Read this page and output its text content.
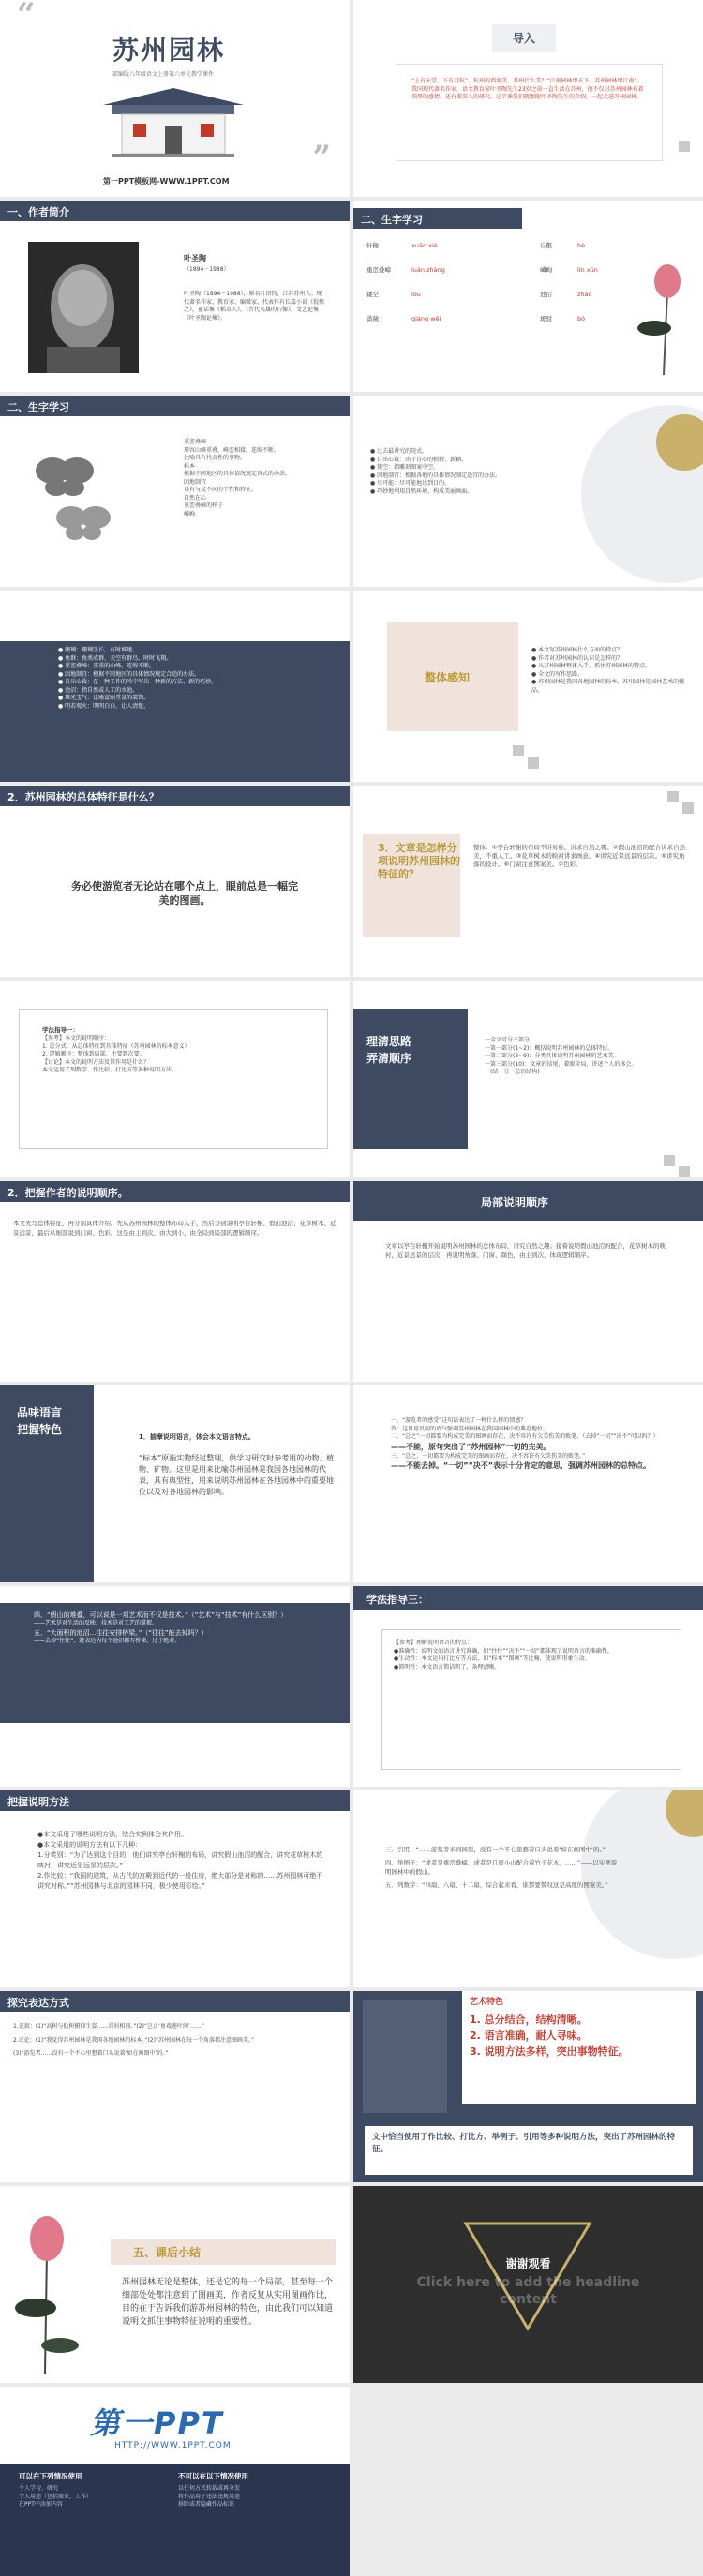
“
”
苏州园林
部编版八年级语文上册第六单元教学课件
第一PPT模板网-WWW.1PPT.COM
导入
“上有天堂，下有苏杭”，杭州的西湖美，苏州什么美？“江南园林甲天下，苏州园林甲江南”。我国现代著名作家，语文教育家叶圣陶先生23岁之前一直生活在苏州，他不仅对苏州园林有着深厚的感情，还有着深入的研究。这节课我们就跟随叶圣陶先生的介绍，一起走进苏州园林。
一、作者简介
叶圣陶
（1894－1988）
叶圣陶（1894－1988），原名叶绍钧，江苏苏州人。现代著名作家、教育家、编辑家、代表作有长篇小说《倪焕之》，童话集《稻草人》，《古代英雄的石像》，文艺论集《叶圣陶论集》。
二、生字学习
轩榭	xuān xiè	丘壑	hè
重峦叠嶂	luán zhàng	嶙峋	lín xún
镂空	lòu	池沼	zhǎo
蔷薇	qiáng wēi	斑驳	bó
二、生字学习
重峦叠嶂
形容山峰重叠，峰峦相接，连绵不断。
比喻具有代表性的事物。
标本
根据不同地区的具体情况规定各式的办法。
因地制宜
具有与众不同的个性和特征。
自然在心
重峦叠嶂的样子
嶙峋
● 过去最讲究的院式。
● 自出心裁：出于自心的独特、新颖。
● 镂空：指雕刻图案中空。
● 因地制宜：根据各地的具体情况制定适宜的办法。
● 尽可能：尽可能地达到目的。
● 巧妙地利用自然环境，构成美丽画面。
● 阑瑚：珊瑚生长，有时堆建。
● 鱼群：鱼类成群，天空有群鸟，时时飞翔。
● 重峦叠嶂：重重的山峰，连绵不断。
● 因地制宜：根据不同地区的具体情况规定合适的办法。
● 自出心裁：在一种工作的当中写出一种新的方法、新的巧妙。
● 池沼：指自然或人工的水池。
● 珠光宝气：比喻富丽堂皇的装饰。
● 明若观火：明明白白，让人清楚。
整体感知
● 本文写苏州园林什么方面的特点？
● 作者对苏州园林的认识是怎样的？
● 从苏州园林整体入手，抓住苏州园林的特点。
● 全文的写作思路。
● 苏州园林是我国各地园林的标本。苏州园林是园林艺术的精品。
2．苏州园林的总体特征是什么？
务必使游览者无论站在哪个点上，眼前总是一幅完美的图画。
3．文章是怎样分项说明苏州园林的特征的？
整体：①亭台轩榭的布局不讲对称，讲求自然之趣。②假山池沼的配合讲求自然美，不重人工。③花草树木的映衬讲求画意。④讲究近景远景的层次。⑤讲究角落的设计。⑥门窗注意图案美。②色彩。
学法指导一：
【参考】本文的说明顺序：
1. 总分式：从总体特征到具体特征（苏州园林的标本意义）
2. 逻辑顺序：整体到局部，主要到次要。
【讨论】本文的说明方法及其作用是什么？
本文运用了列数字、作比较、打比方等多种说明方法。
理清思路
弄清顺序
一全文可分三部分。
一第一部分(1~2)：概括说明苏州园林的总体特征。
一第二部分(3~9)：分类具体说明苏州园林的艺术美。
一第三部分(10)：文章的结尾，着眼全局，讲述个人的体会。
一(结一分一总的结构)
2．把握作者的说明顺序。
本文先写总体特征，再分别具体介绍。先从苏州园林的整体布局入手，然后分别说明亭台轩榭、假山池沼、花草树木、近景远景，最后从细部说到门窗、色彩。这是由主到次、由大到小、由全局到局部的逻辑顺序。
局部说明顺序
文章以亭台轩榭开始说明苏州园林的总体布局，讲究自然之趣；接着说明假山池沼的配合，花草树木的映衬，近景远景的层次，再说明角落、门窗、颜色，由主到次，体现逻辑顺序。
品味语言
把握特色
1．揣摩说明语言，体会本文语言特点。
“标本”原指实物经过整理，供学习研究时参考用的动物、植物、矿物。这里是用来比喻苏州园林是我国各地园林的代表，具有典型性，用来说明苏州园林在各地园林中的重要地位以及对各地园林的影响。
一、“游览者的感受”这句话表达了一种什么样的情感？
答：这里用反问的语气强调苏州园林在我国园林中的典范地位。
二、“总之”一切都要为构成完美的图画而存在，决不容许有欠美伤美的败笔。（去掉“一切”“决不”可以吗？）
——不能，原句突出了“苏州园林”一切的完美。
三、“总之，一切都要为构成完美的图画而存在，决不容许有欠美伤美的败笔。”
——不能去掉。“一切”“决不”表示十分肯定的意思，强调苏州园林的总特点。
四、“假山的堆叠，可以说是一项艺术而不仅是技术。”（“艺术”与“技术”有什么区别？）
——艺术是对生活的反映，技术是对工艺的掌握。
五、“大面积的池沼...往往安排桥梁。”（“往往”能去掉吗？）
——去掉“往往”，就表达为每个池沼都有桥梁，过于绝对。
学法指导三：
【参考】理解说明语言的特点：
●准确性：说明文的语言讲究准确，如“往往”“决不”“一切”都体现了说明语言的准确性。
●生动性：本文运用打比方等方法，如“标本”“图画”等比喻，使说明形象生动。
●简明性：本文语言简洁明了，条理清晰。
把握说明方法
●本文采用了哪些说明方法，结合实例体会其作用。
●本文采用的说明方法有以下几种：
1.分类别：“为了达到这个目的，他们讲究亭台轩榭的布局，讲究假山池沼的配合，讲究花草树木的映衬，讲究近景远景的层次。”
2.作比较：“我国的建筑，从古代的宫殿到近代的一般住房，绝大部分是对称的……苏州园林可绝不讲究对称。”“苏州园林与北京的园林不同，极少使用彩绘。”
三．引用：“……游览者来到园里，没有一个不心里想着口头说着‘如在画图中’的。”
四．举例子：“或者是重峦叠嶂，或者是几座小山配合着竹子花木，……”——以实例说明园林中的假山。
五．列数字：“四扇、八扇、十二扇，综合起来看，谁都要赞叹这是高度的图案美。”
探究表达方式
1.记叙：(1)“高树与低树俯仰生姿……岩屑相间。”(2)“岂止‘鱼戏莲叶间’……”
2.议论：(1)“我觉得苏州园林是我国各地园林的标本。”(2)“苏州园林在每一个角落都注意图画美。”
(3)“游览者……没有一个不心里想着口头说着‘如在画图中’的。”
艺术特色
1. 总分结合，结构清晰。
2. 语言准确，耐人寻味。
3. 说明方法多样，突出事物特征。
文中恰当使用了作比较、打比方、举例子、引用等多种说明方法，突出了苏州园林的特征。
五、课后小结
苏州园林无论是整体，还是它的每一个局部，甚至每一个细部处处都注意到了图画美，作者反复从实用图画作比，目的在于告诉我们游苏州园林的特色，由此我们可以知道说明文抓住事物特征说明的重要性。
谢谢观看
Click here to add the headline content
第一PPT
HTTP://WWW.1PPT.COM
可以在下列情况使用
个人学习、研究
个人用途（包括商业、工作）
在PPT中添加内容
不可以在以下情况使用
以任何方式转载或再分发
将作品用于违法违规用途
移除或者隐藏作品标识
